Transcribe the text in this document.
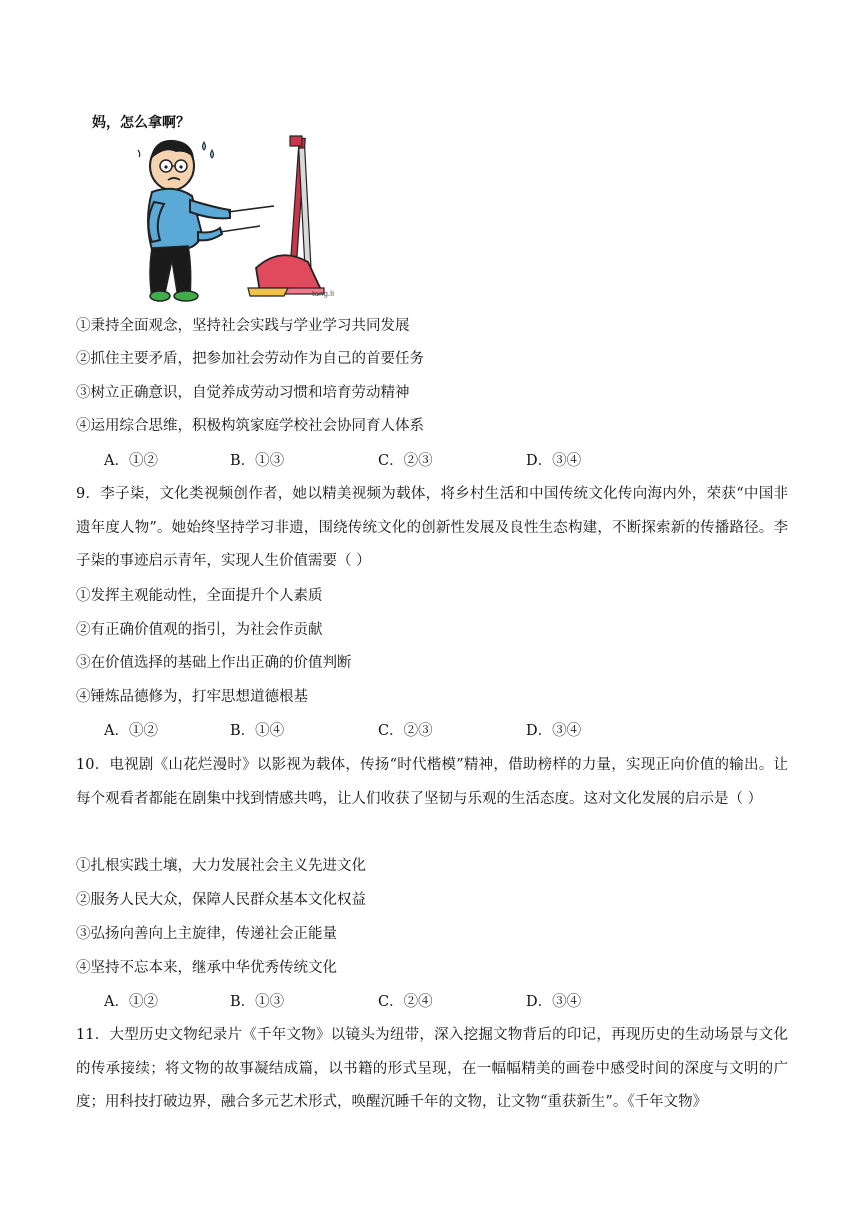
妈，怎么拿啊？
tang.li
①秉持全面观念，坚持社会实践与学业学习共同发展
②抓住主要矛盾，把参加社会劳动作为自己的首要任务
③树立正确意识，自觉养成劳动习惯和培育劳动精神
④运用综合思维，积极构筑家庭学校社会协同育人体系
A．①②	B．①③	C．②③	D．③④
9．李子柒，文化类视频创作者，她以精美视频为载体，将乡村生活和中国传统文化传向海内外，荣获“中国非遗年度人物”。她始终坚持学习非遗，围绕传统文化的创新性发展及良性生态构建，不断探索新的传播路径。李子柒的事迹启示青年，实现人生价值需要（ ）
①发挥主观能动性，全面提升个人素质
②有正确价值观的指引，为社会作贡献
③在价值选择的基础上作出正确的价值判断
④锤炼品德修为，打牢思想道德根基
A．①②	B．①④	C．②③	D．③④
10．电视剧《山花烂漫时》以影视为载体，传扬“时代楷模”精神，借助榜样的力量，实现正向价值的输出。让每个观看者都能在剧集中找到情感共鸣，让人们收获了坚韧与乐观的生活态度。这对文化发展的启示是（ ）
①扎根实践土壤，大力发展社会主义先进文化
②服务人民大众，保障人民群众基本文化权益
③弘扬向善向上主旋律，传递社会正能量
④坚持不忘本来，继承中华优秀传统文化
A．①②	B．①③	C．②④	D．③④
11．大型历史文物纪录片《千年文物》以镜头为纽带，深入挖掘文物背后的印记，再现历史的生动场景与文化的传承接续；将文物的故事凝结成篇，以书籍的形式呈现，在一幅幅精美的画卷中感受时间的深度与文明的广度；用科技打破边界，融合多元艺术形式，唤醒沉睡千年的文物，让文物“重获新生”。《千年文物》
